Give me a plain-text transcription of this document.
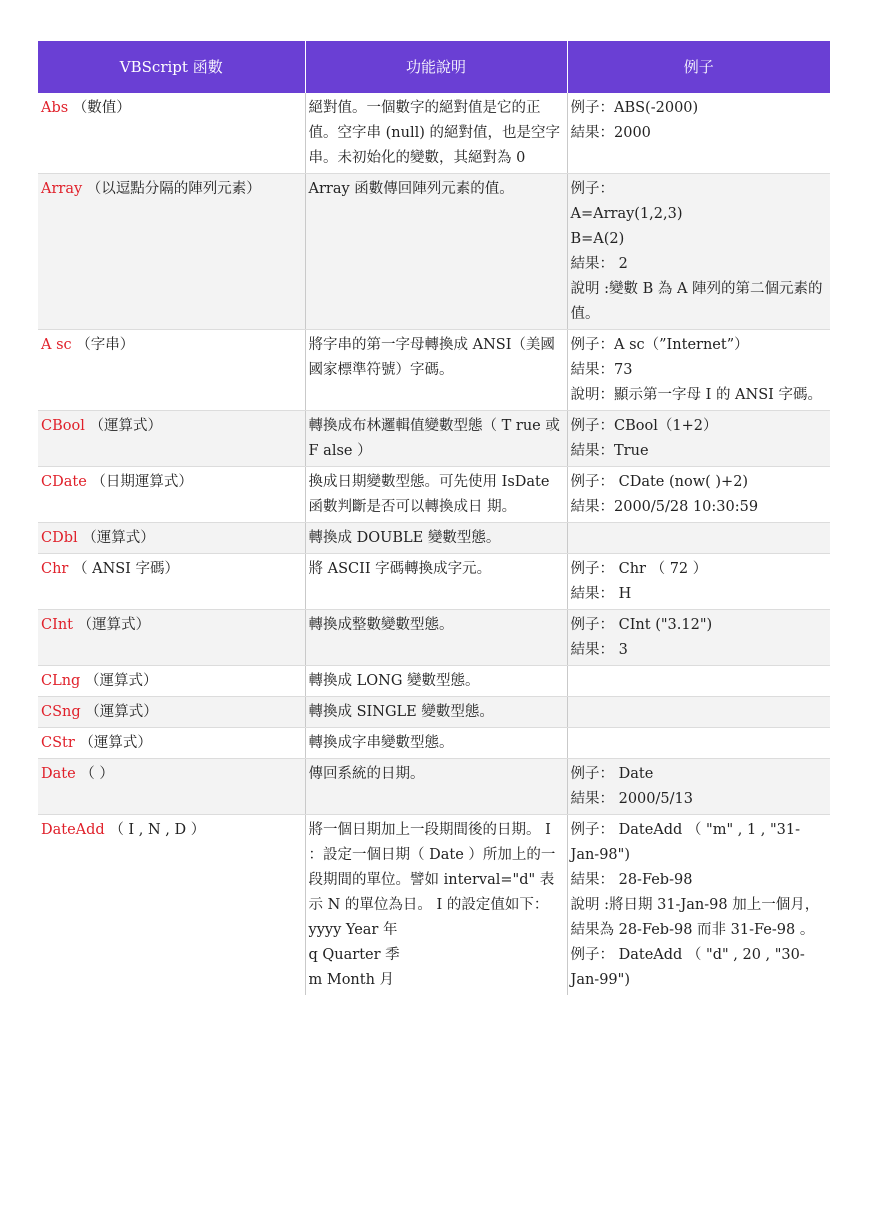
VBScript 函數	功能說明	例子
Abs （數值）	絕對值。一個數字的絕對值是它的正值。空字串 (null) 的絕對值，也是空字串。未初始化的變數，其絕對為 0	例子：ABS(-2000)
結果：2000

Array （以逗點分隔的陣列元素）	Array 函數傳回陣列元素的值。	例子：
A=Array(1,2,3)
B=A(2)
結果： 2
說明 :變數 B 為 A 陣列的第二個元素的值。

A sc （字串）	將字串的第一字母轉換成 ANSI（美國國家標準符號）字碼。	例子：A sc（”Internet”）
結果：73
說明：顯示第一字母 I 的 ANSI 字碼。

CBool （運算式）	轉換成布林邏輯值變數型態（ T rue 或 F alse ）	例子：CBool（1+2）
結果：True

CDate （日期運算式）	換成日期變數型態。可先使用 IsDate 函數判斷是否可以轉換成日 期。	例子： CDate (now( )+2)
結果：2000/5/28 10:30:59

CDbl （運算式）	轉換成 DOUBLE 變數型態。	

Chr （ ANSI 字碼）	將 ASCII 字碼轉換成字元。	例子： Chr （ 72 ）
結果： H

CInt （運算式）	轉換成整數變數型態。	例子： CInt ("3.12")
結果： 3

CLng （運算式）	轉換成 LONG 變數型態。	

CSng （運算式）	轉換成 SINGLE 變數型態。	

CStr （運算式）	轉換成字串變數型態。	

Date （ ）	傳回系統的日期。	例子： Date
結果： 2000/5/13

DateAdd （ I , N , D ）	將一個日期加上一段期間後的日期。 I ：設定一個日期（ Date ）所加上的一段期間的單位。譬如 interval="d" 表示 N 的單位為日。 I 的設定值如下：
yyyy Year 年
q Quarter 季
m Month 月	例子： DateAdd （ "m" , 1 , "31-Jan-98")
結果： 28-Feb-98
說明 :將日期 31-Jan-98 加上一個月，結果為 28-Feb-98 而非 31-Fe-98 。
例子： DateAdd （ "d" , 20 , "30-Jan-99")
